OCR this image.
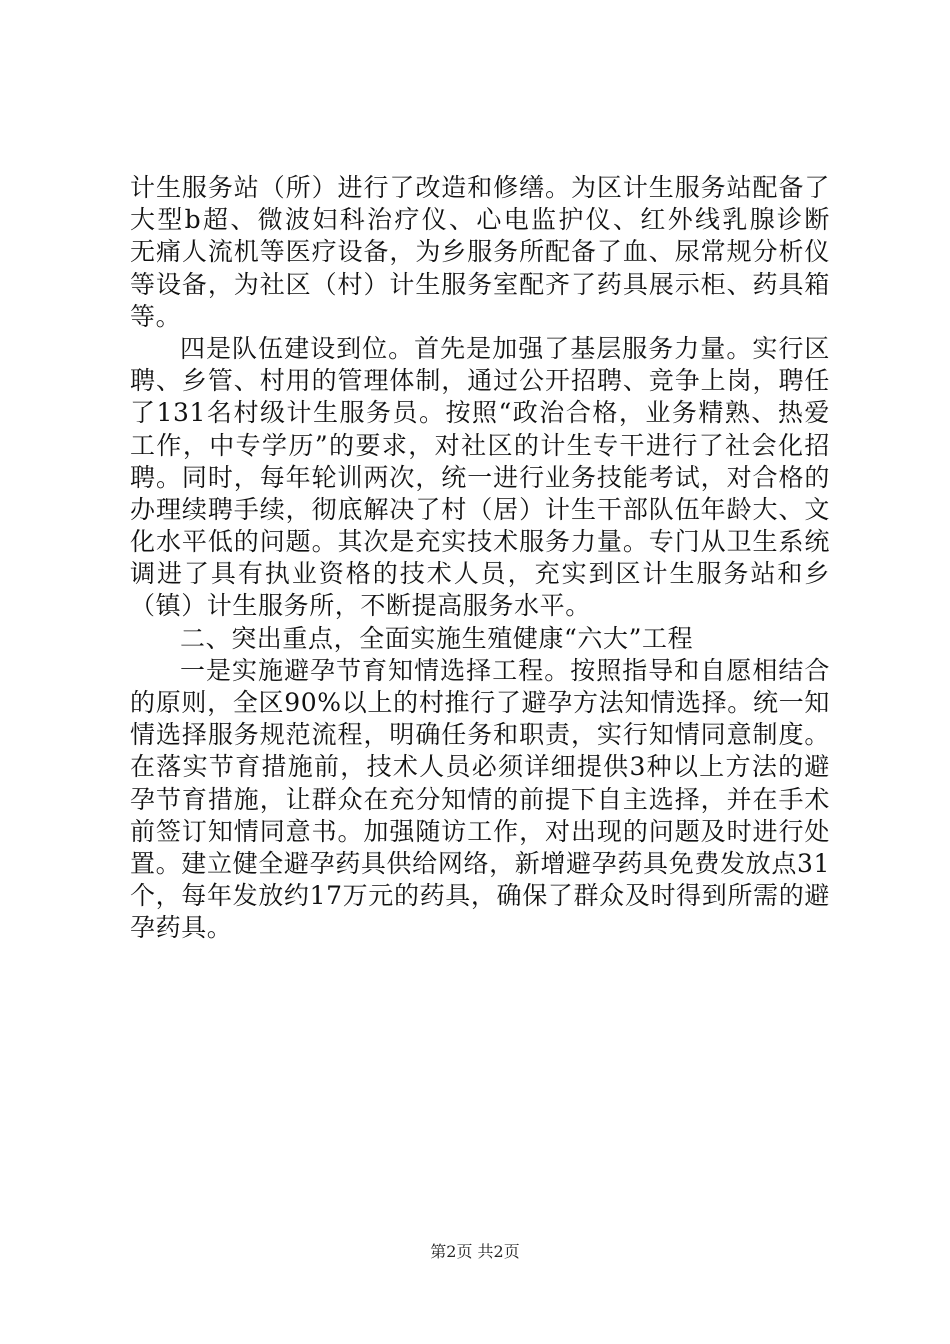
计生服务站（所）进行了改造和修缮。为区计生服务站配备了
大型b超、微波妇科治疗仪、心电监护仪、红外线乳腺诊断
无痛人流机等医疗设备，为乡服务所配备了血、尿常规分析仪
等设备，为社区（村）计生服务室配齐了药具展示柜、药具箱
等。
四是队伍建设到位。首先是加强了基层服务力量。实行区
聘、乡管、村用的管理体制，通过公开招聘、竞争上岗，聘任
了131名村级计生服务员。按照“政治合格，业务精熟、热爱
工作，中专学历”的要求，对社区的计生专干进行了社会化招
聘。同时，每年轮训两次，统一进行业务技能考试，对合格的
办理续聘手续，彻底解决了村（居）计生干部队伍年龄大、文
化水平低的问题。其次是充实技术服务力量。专门从卫生系统
调进了具有执业资格的技术人员，充实到区计生服务站和乡
（镇）计生服务所，不断提高服务水平。
二、突出重点，全面实施生殖健康“六大”工程
一是实施避孕节育知情选择工程。按照指导和自愿相结合
的原则，全区90%以上的村推行了避孕方法知情选择。统一知
情选择服务规范流程，明确任务和职责，实行知情同意制度。
在落实节育措施前，技术人员必须详细提供3种以上方法的避
孕节育措施，让群众在充分知情的前提下自主选择，并在手术
前签订知情同意书。加强随访工作，对出现的问题及时进行处
置。建立健全避孕药具供给网络，新增避孕药具免费发放点31
个，每年发放约17万元的药具，确保了群众及时得到所需的避
孕药具。
第2页 共2页
